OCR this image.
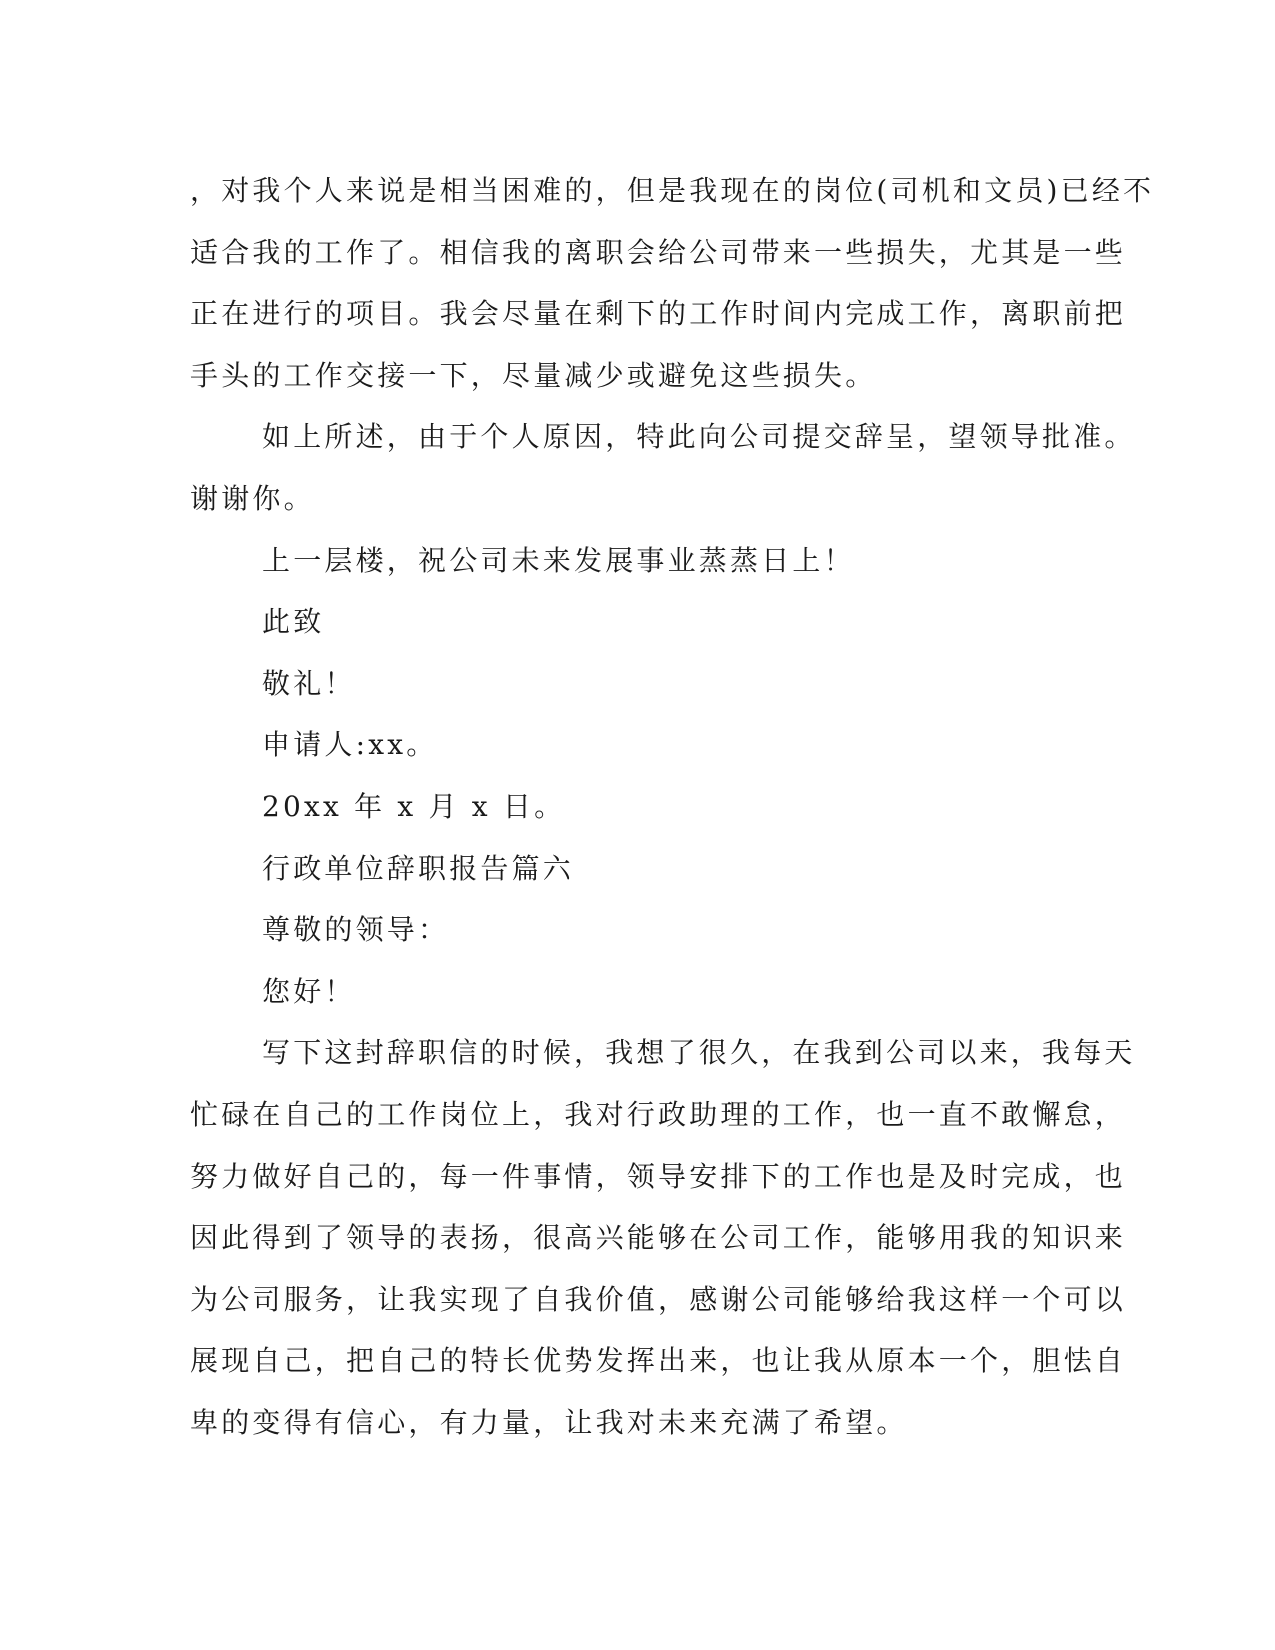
，对我个人来说是相当困难的，但是我现在的岗位(司机和文员)已经不
适合我的工作了。相信我的离职会给公司带来一些损失，尤其是一些
正在进行的项目。我会尽量在剩下的工作时间内完成工作，离职前把
手头的工作交接一下，尽量减少或避免这些损失。

如上所述，由于个人原因，特此向公司提交辞呈，望领导批准。
谢谢你。

上一层楼，祝公司未来发展事业蒸蒸日上！

此致

敬礼！

申请人:xx。

20xx 年 x 月 x 日。

行政单位辞职报告篇六

尊敬的领导：

您好！

写下这封辞职信的时候，我想了很久，在我到公司以来，我每天
忙碌在自己的工作岗位上，我对行政助理的工作，也一直不敢懈怠，
努力做好自己的，每一件事情，领导安排下的工作也是及时完成，也
因此得到了领导的表扬，很高兴能够在公司工作，能够用我的知识来
为公司服务，让我实现了自我价值，感谢公司能够给我这样一个可以
展现自己，把自己的特长优势发挥出来，也让我从原本一个，胆怯自
卑的变得有信心，有力量，让我对未来充满了希望。
